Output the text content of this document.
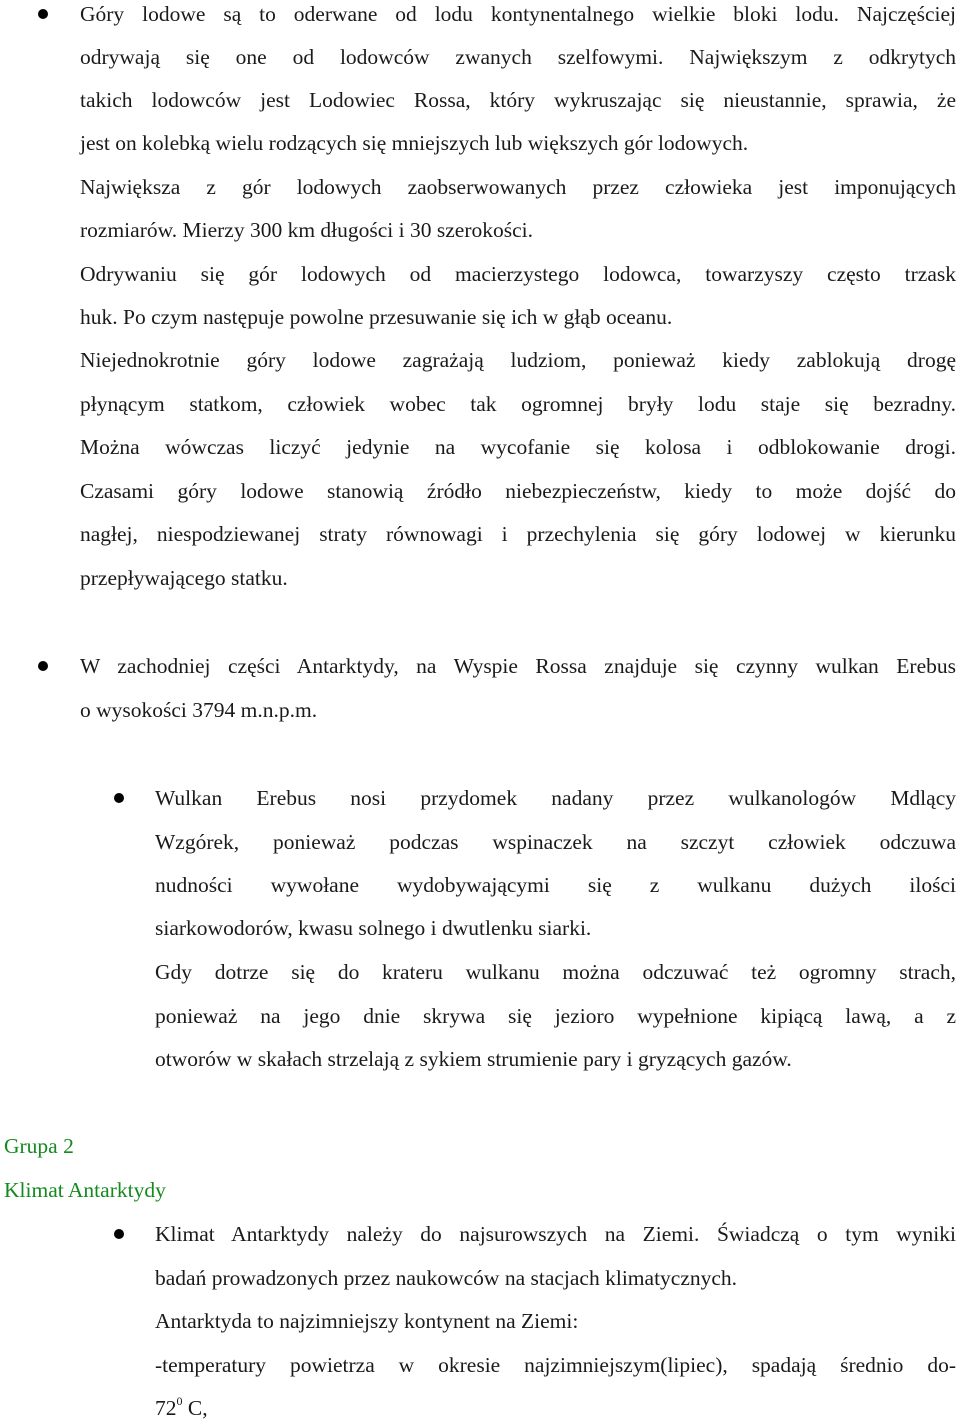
Góry lodowe są to oderwane od lodu kontynentalnego wielkie bloki lodu. Najczęściej
odrywają się one od lodowców zwanych szelfowymi. Największym z odkrytych
takich lodowców jest Lodowiec Rossa, który wykruszając się nieustannie, sprawia, że
jest on kolebką wielu rodzących się mniejszych lub większych gór lodowych.
Największa z gór lodowych zaobserwowanych przez człowieka jest imponujących
rozmiarów. Mierzy 300 km długości i 30 szerokości.
Odrywaniu się gór lodowych od macierzystego lodowca, towarzyszy często trzask
huk. Po czym następuje powolne przesuwanie się ich w głąb oceanu.
Niejednokrotnie góry lodowe zagrażają ludziom, ponieważ kiedy zablokują drogę
płynącym statkom, człowiek wobec tak ogromnej bryły lodu staje się bezradny.
Można wówczas liczyć jedynie na wycofanie się kolosa i odblokowanie drogi.
Czasami góry lodowe stanowią źródło niebezpieczeństw, kiedy to może dojść do
nagłej, niespodziewanej straty równowagi i przechylenia się góry lodowej w kierunku
przepływającego statku.
W zachodniej części Antarktydy, na Wyspie Rossa znajduje się czynny wulkan Erebus
o wysokości 3794 m.n.p.m.
Wulkan Erebus nosi przydomek nadany przez wulkanologów Mdlący
Wzgórek, ponieważ podczas wspinaczek na szczyt człowiek odczuwa
nudności wywołane wydobywającymi się z wulkanu dużych ilości
siarkowodorów, kwasu solnego i dwutlenku siarki.
Gdy dotrze się do krateru wulkanu można odczuwać też ogromny strach,
ponieważ na jego dnie skrywa się jezioro wypełnione kipiącą lawą, a z
otworów w skałach strzelają z sykiem strumienie pary i gryzących gazów.
Grupa 2
Klimat Antarktydy
Klimat Antarktydy należy do najsurowszych na Ziemi. Świadczą o tym wyniki
badań prowadzonych przez naukowców na stacjach klimatycznych.
Antarktyda to najzimniejszy kontynent na Ziemi:
-temperatury powietrza w okresie najzimniejszym(lipiec), spadają średnio do-
$72^0$ C,
